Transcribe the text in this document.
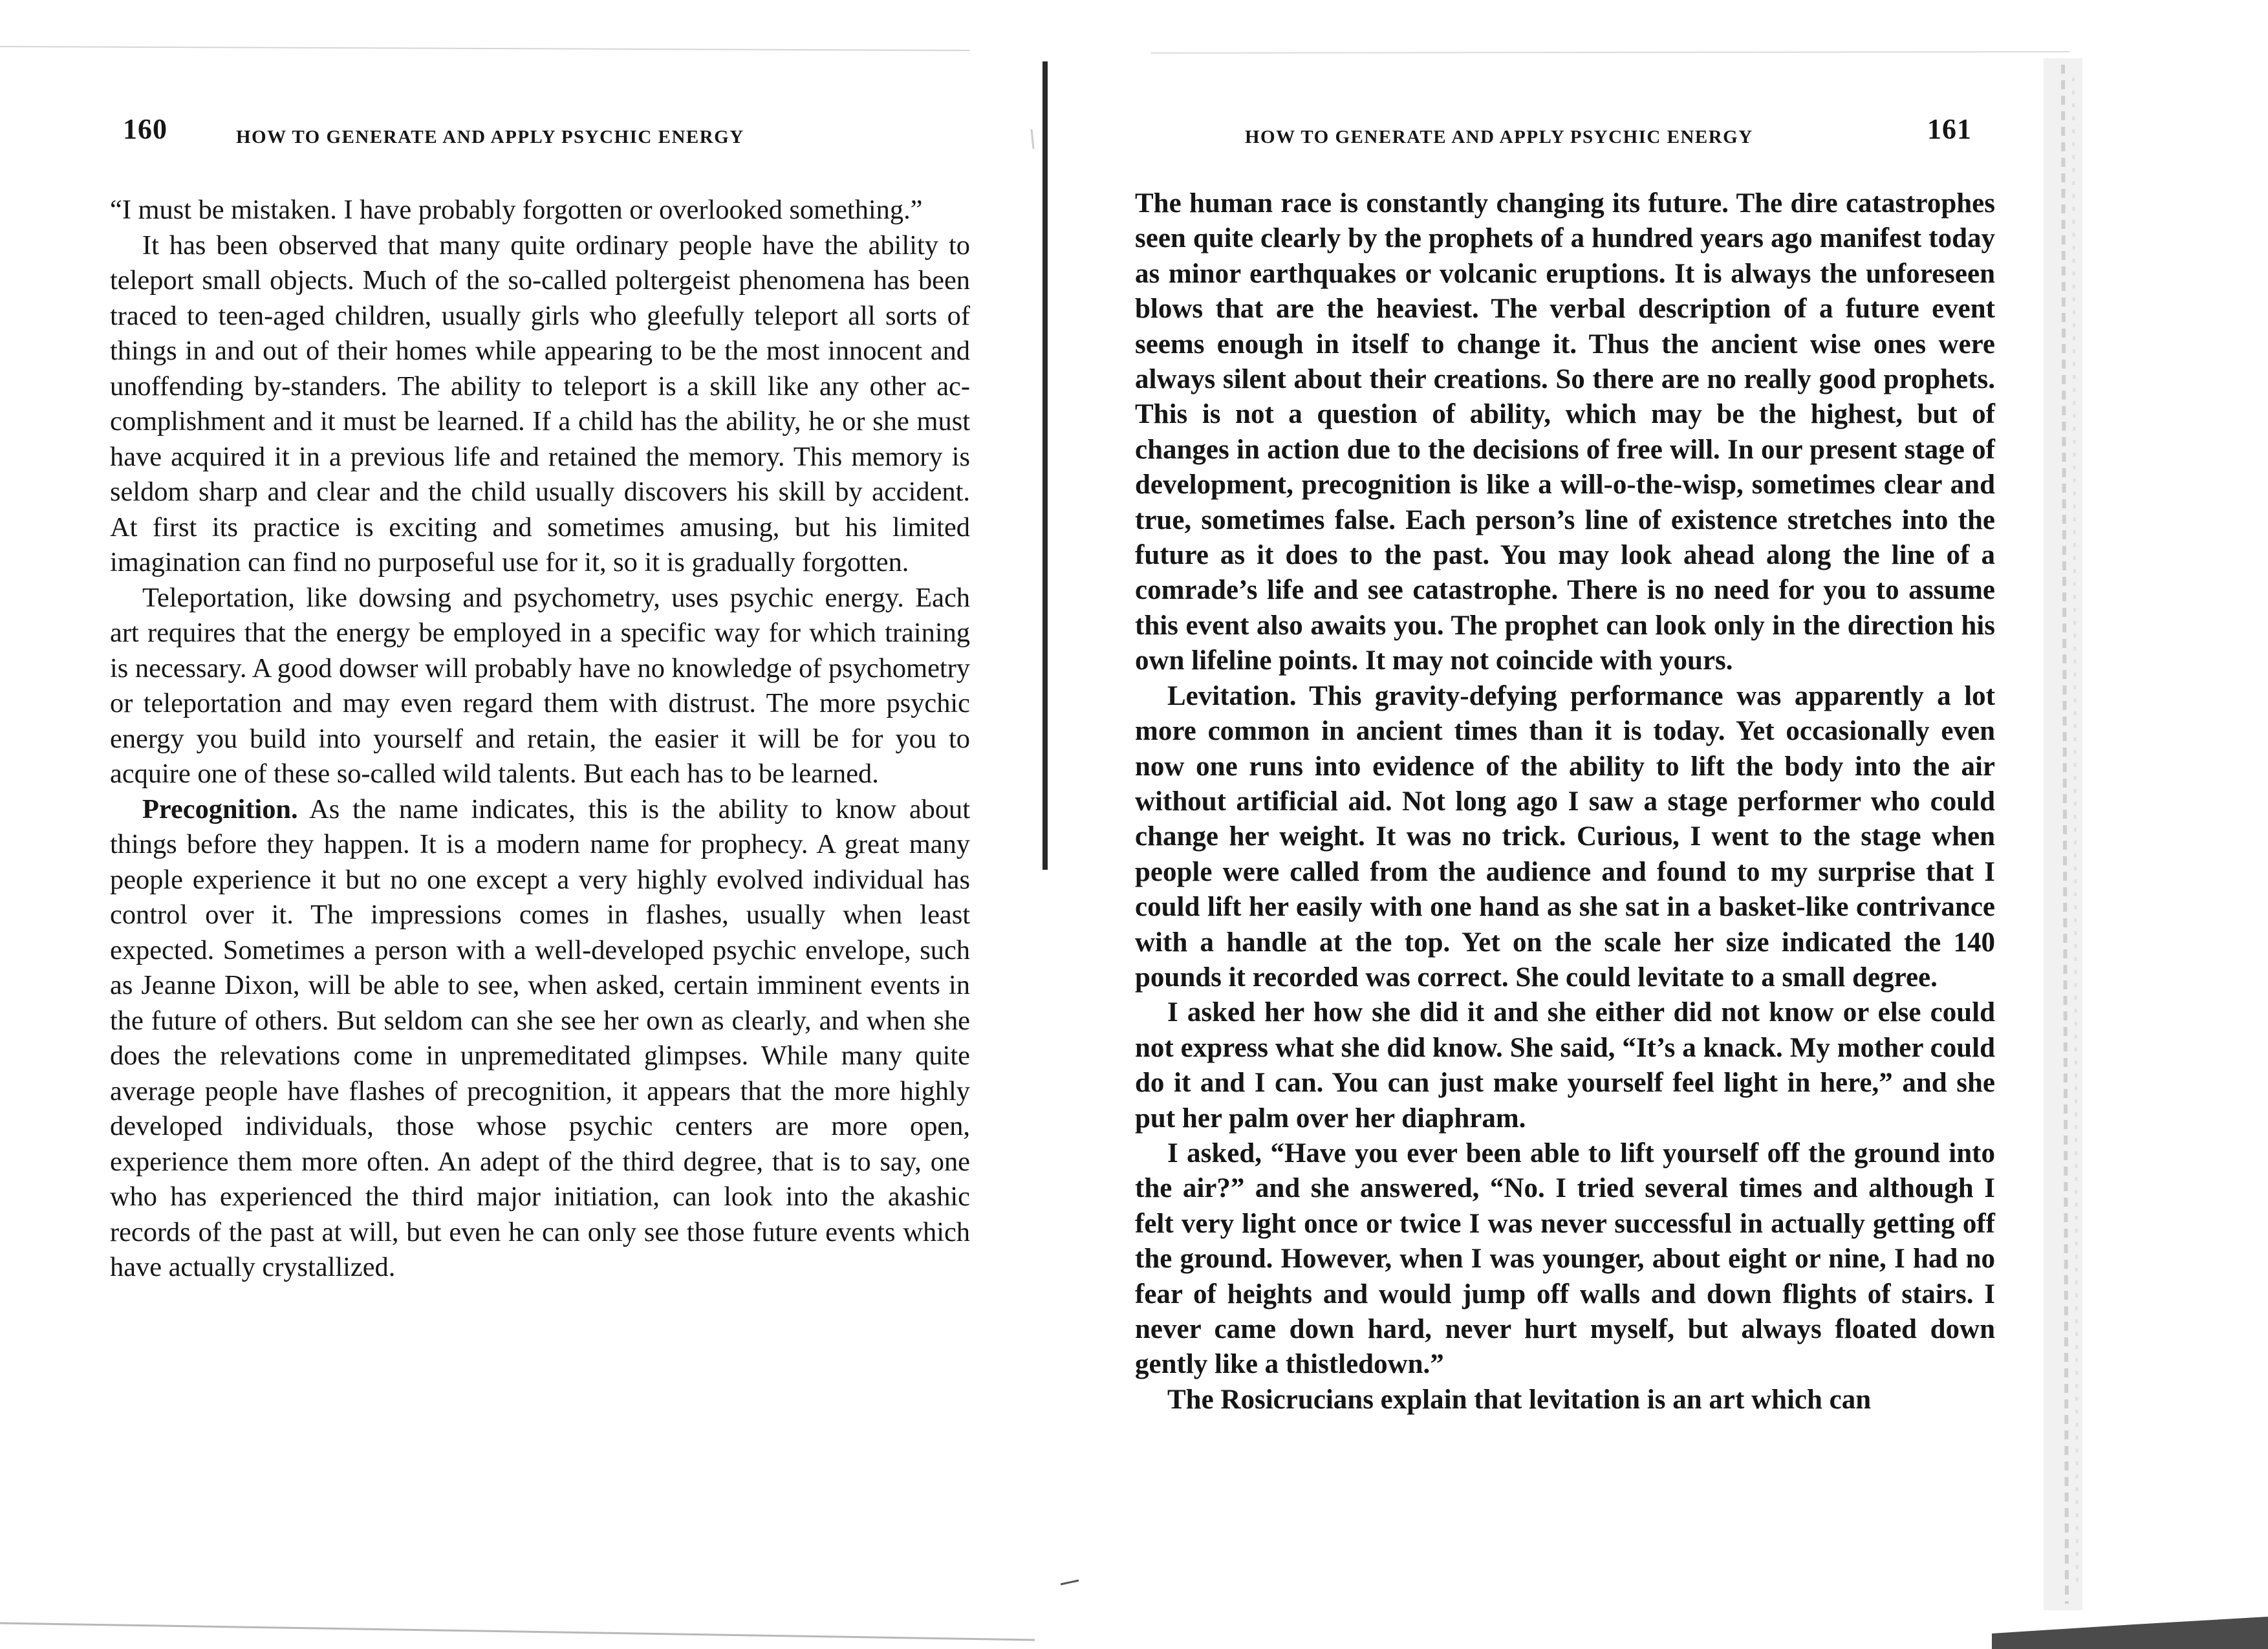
160	HOW TO GENERATE AND APPLY PSYCHIC ENERGY

“I must be mistaken. I have probably forgotten or overlooked something.”

It has been observed that many quite ordinary people have the ability to teleport small objects. Much of the so-called poltergeist phenomena has been traced to teen-aged children, usually girls who gleefully teleport all sorts of things in and out of their homes while appearing to be the most innocent and unoffending by-standers. The ability to teleport is a skill like any other accomplishment and it must be learned. If a child has the ability, he or she must have acquired it in a previous life and retained the memory. This memory is seldom sharp and clear and the child usually discovers his skill by accident. At first its practice is exciting and sometimes amusing, but his limited imagination can find no purposeful use for it, so it is gradually forgotten.

Teleportation, like dowsing and psychometry, uses psychic energy. Each art requires that the energy be employed in a specific way for which training is necessary. A good dowser will probably have no knowledge of psychometry or teleportation and may even regard them with distrust. The more psychic energy you build into yourself and retain, the easier it will be for you to acquire one of these so-called wild talents. But each has to be learned.

Precognition. As the name indicates, this is the ability to know about things before they happen. It is a modern name for prophecy. A great many people experience it but no one except a very highly evolved individual has control over it. The impressions comes in flashes, usually when least expected. Sometimes a person with a well-developed psychic envelope, such as Jeanne Dixon, will be able to see, when asked, certain imminent events in the future of others. But seldom can she see her own as clearly, and when she does the relevations come in unpremeditated glimpses. While many quite average people have flashes of precognition, it appears that the more highly developed individuals, those whose psychic centers are more open, experience them more often. An adept of the third degree, that is to say, one who has experienced the third major initiation, can look into the akashic records of the past at will, but even he can only see those future events which have actually crystallized.

HOW TO GENERATE AND APPLY PSYCHIC ENERGY	161

The human race is constantly changing its future. The dire catastrophes seen quite clearly by the prophets of a hundred years ago manifest today as minor earthquakes or volcanic eruptions. It is always the unforeseen blows that are the heaviest. The verbal description of a future event seems enough in itself to change it. Thus the ancient wise ones were always silent about their creations. So there are no really good prophets. This is not a question of ability, which may be the highest, but of changes in action due to the decisions of free will. In our present stage of development, precognition is like a will-o-the-wisp, sometimes clear and true, sometimes false. Each person’s line of existence stretches into the future as it does to the past. You may look ahead along the line of a comrade’s life and see catastrophe. There is no need for you to assume this event also awaits you. The prophet can look only in the direction his own lifeline points. It may not coincide with yours.

Levitation. This gravity-defying performance was apparently a lot more common in ancient times than it is today. Yet occasionally even now one runs into evidence of the ability to lift the body into the air without artificial aid. Not long ago I saw a stage performer who could change her weight. It was no trick. Curious, I went to the stage when people were called from the audience and found to my surprise that I could lift her easily with one hand as she sat in a basket-like contrivance with a handle at the top. Yet on the scale her size indicated the 140 pounds it recorded was correct. She could levitate to a small degree.

I asked her how she did it and she either did not know or else could not express what she did know. She said, “It’s a knack. My mother could do it and I can. You can just make yourself feel light in here,” and she put her palm over her diaphram.

I asked, “Have you ever been able to lift yourself off the ground into the air?” and she answered, “No. I tried several times and although I felt very light once or twice I was never successful in actually getting off the ground. However, when I was younger, about eight or nine, I had no fear of heights and would jump off walls and down flights of stairs. I never came down hard, never hurt myself, but always floated down gently like a thistledown.”

The Rosicrucians explain that levitation is an art which can
